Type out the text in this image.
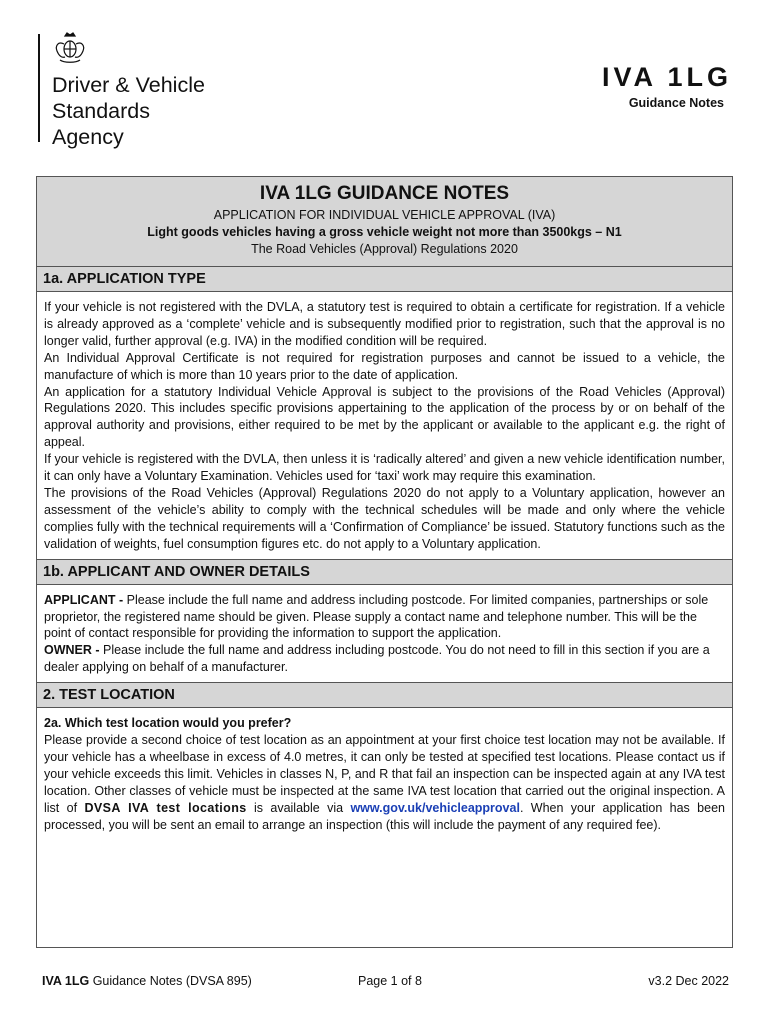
Driver & Vehicle
Standards
Agency
IVA 1LG
Guidance Notes
IVA 1LG GUIDANCE NOTES
APPLICATION FOR INDIVIDUAL VEHICLE APPROVAL (IVA)
Light goods vehicles having a gross vehicle weight not more than 3500kgs – N1
The Road Vehicles (Approval) Regulations 2020
1a. APPLICATION TYPE

If your vehicle is not registered with the DVLA, a statutory test is required to obtain a certificate for registration. If a vehicle is already approved as a ‘complete’ vehicle and is subsequently modified prior to registration, such that the approval is no longer valid, further approval (e.g. IVA) in the modified condition will be required.

An Individual Approval Certificate is not required for registration purposes and cannot be issued to a vehicle, the manufacture of which is more than 10 years prior to the date of application.

An application for a statutory Individual Vehicle Approval is subject to the provisions of the Road Vehicles (Approval) Regulations 2020. This includes specific provisions appertaining to the application of the process by or on behalf of the approval authority and provisions, either required to be met by the applicant or available to the applicant e.g. the right of appeal.

If your vehicle is registered with the DVLA, then unless it is ‘radically altered’ and given a new vehicle identification number, it can only have a Voluntary Examination. Vehicles used for ‘taxi’ work may require this examination.

The provisions of the Road Vehicles (Approval) Regulations 2020 do not apply to a Voluntary application, however an assessment of the vehicle’s ability to comply with the technical schedules will be made and only where the vehicle complies fully with the technical requirements will a ‘Confirmation of Compliance’ be issued. Statutory functions such as the validation of weights, fuel consumption figures etc. do not apply to a Voluntary application.

1b. APPLICANT AND OWNER DETAILS

APPLICANT - Please include the full name and address including postcode. For limited companies, partnerships or sole proprietor, the registered name should be given. Please supply a contact name and telephone number. This will be the point of contact responsible for providing the information to support the application.

OWNER - Please include the full name and address including postcode. You do not need to fill in this section if you are a dealer applying on behalf of a manufacturer.

2. TEST LOCATION

2a. Which test location would you prefer?

Please provide a second choice of test location as an appointment at your first choice test location may not be available. If your vehicle has a wheelbase in excess of 4.0 metres, it can only be tested at specified test locations. Please contact us if your vehicle exceeds this limit. Vehicles in classes N, P, and R that fail an inspection can be inspected again at any IVA test location. Other classes of vehicle must be inspected at the same IVA test location that carried out the original inspection. A list of DVSA IVA test locations is available via www.gov.uk/vehicleapproval. When your application has been processed, you will be sent an email to arrange an inspection (this will include the payment of any required fee).

IVA 1LG Guidance Notes (DVSA 895)	Page 1 of 8	v3.2 Dec 2022
